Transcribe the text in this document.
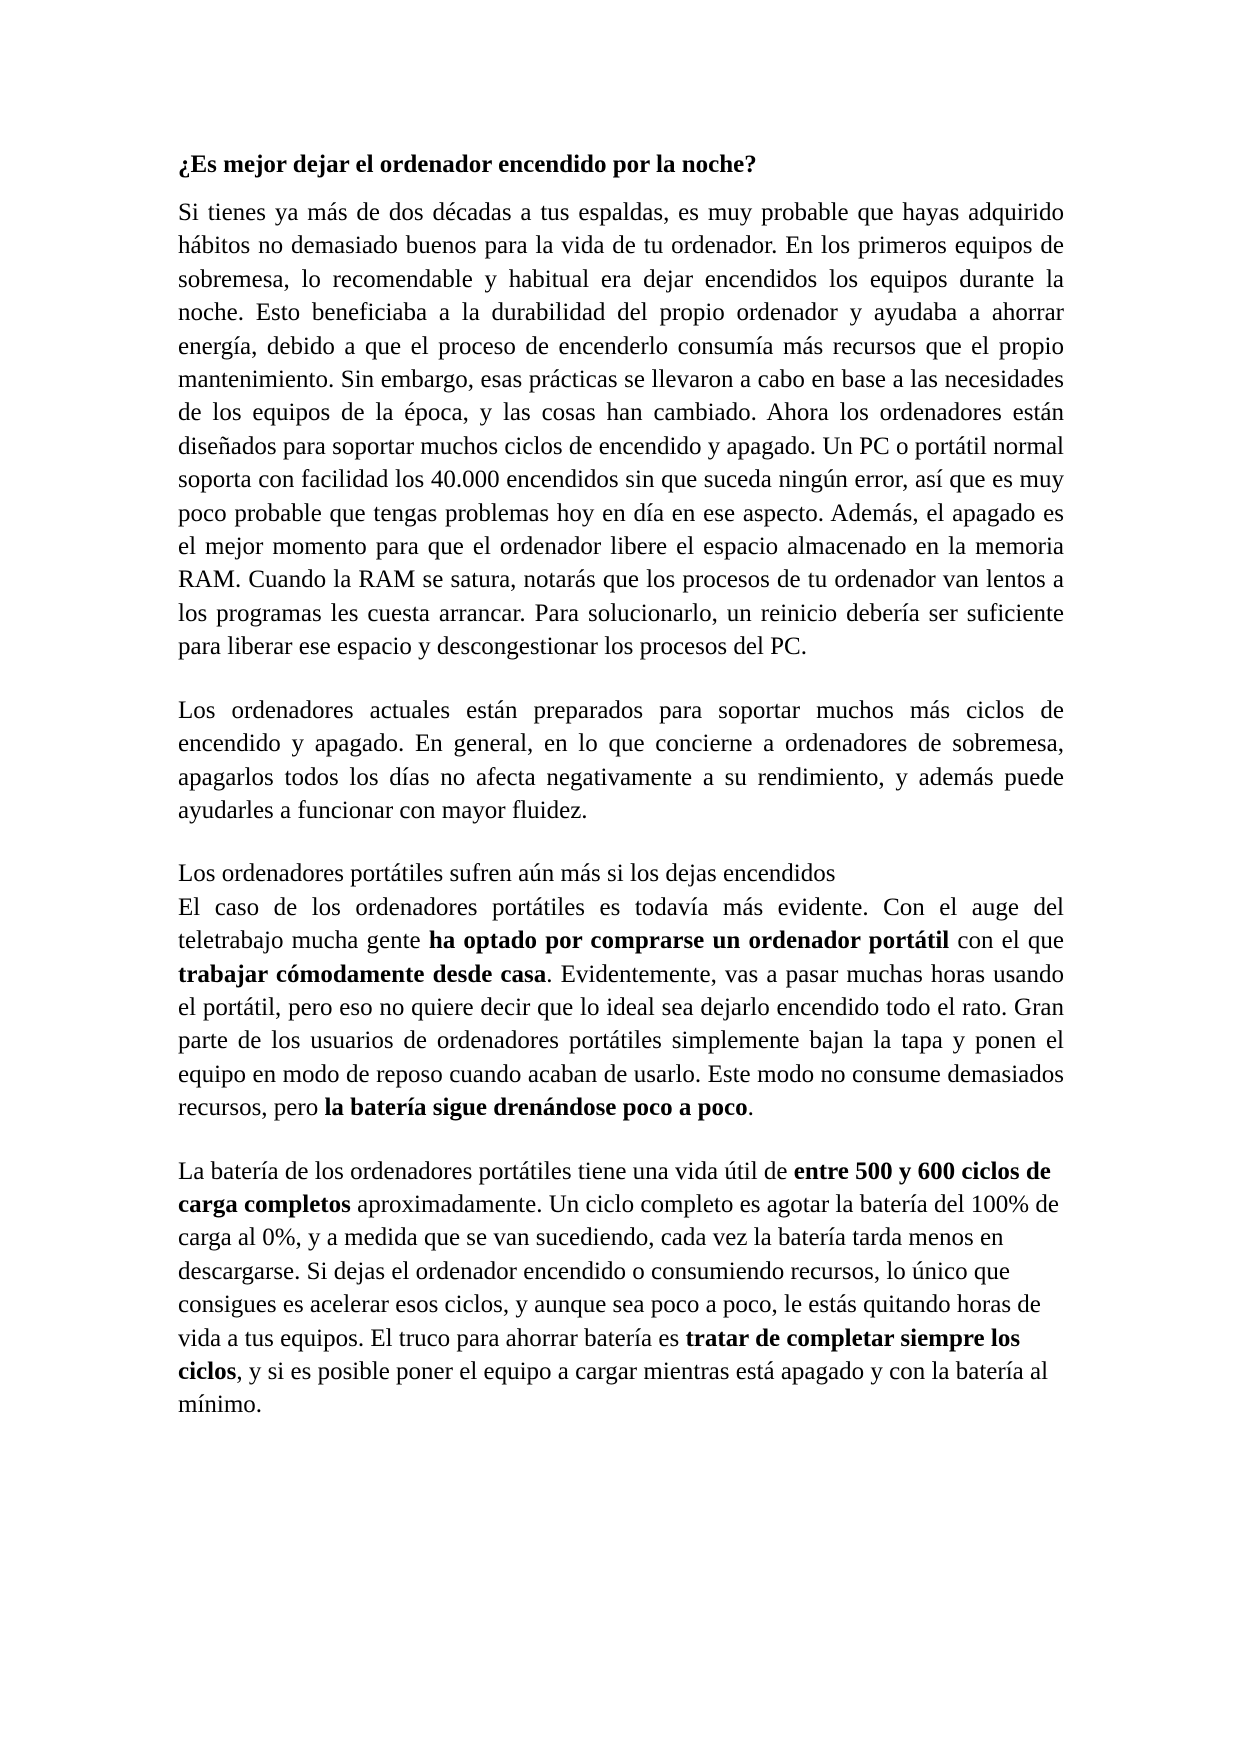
¿Es mejor dejar el ordenador encendido por la noche?

Si tienes ya más de dos décadas a tus espaldas, es muy probable que hayas adquirido hábitos no demasiado buenos para la vida de tu ordenador. En los primeros equipos de sobremesa, lo recomendable y habitual era dejar encendidos los equipos durante la noche. Esto beneficiaba a la durabilidad del propio ordenador y ayudaba a ahorrar energía, debido a que el proceso de encenderlo consumía más recursos que el propio mantenimiento. Sin embargo, esas prácticas se llevaron a cabo en base a las necesidades de los equipos de la época, y las cosas han cambiado. Ahora los ordenadores están diseñados para soportar muchos ciclos de encendido y apagado. Un PC o portátil normal soporta con facilidad los 40.000 encendidos sin que suceda ningún error, así que es muy poco probable que tengas problemas hoy en día en ese aspecto. Además, el apagado es el mejor momento para que el ordenador libere el espacio almacenado en la memoria RAM. Cuando la RAM se satura, notarás que los procesos de tu ordenador van lentos a los programas les cuesta arrancar. Para solucionarlo, un reinicio debería ser suficiente para liberar ese espacio y descongestionar los procesos del PC.

Los ordenadores actuales están preparados para soportar muchos más ciclos de encendido y apagado. En general, en lo que concierne a ordenadores de sobremesa, apagarlos todos los días no afecta negativamente a su rendimiento, y además puede ayudarles a funcionar con mayor fluidez.

Los ordenadores portátiles sufren aún más si los dejas encendidos

El caso de los ordenadores portátiles es todavía más evidente. Con el auge del teletrabajo mucha gente ha optado por comprarse un ordenador portátil con el que trabajar cómodamente desde casa. Evidentemente, vas a pasar muchas horas usando el portátil, pero eso no quiere decir que lo ideal sea dejarlo encendido todo el rato. Gran parte de los usuarios de ordenadores portátiles simplemente bajan la tapa y ponen el equipo en modo de reposo cuando acaban de usarlo. Este modo no consume demasiados recursos, pero la batería sigue drenándose poco a poco.

La batería de los ordenadores portátiles tiene una vida útil de entre 500 y 600 ciclos de carga completos aproximadamente. Un ciclo completo es agotar la batería del 100% de carga al 0%, y a medida que se van sucediendo, cada vez la batería tarda menos en descargarse. Si dejas el ordenador encendido o consumiendo recursos, lo único que consigues es acelerar esos ciclos, y aunque sea poco a poco, le estás quitando horas de vida a tus equipos. El truco para ahorrar batería es tratar de completar siempre los ciclos, y si es posible poner el equipo a cargar mientras está apagado y con la batería al mínimo.
